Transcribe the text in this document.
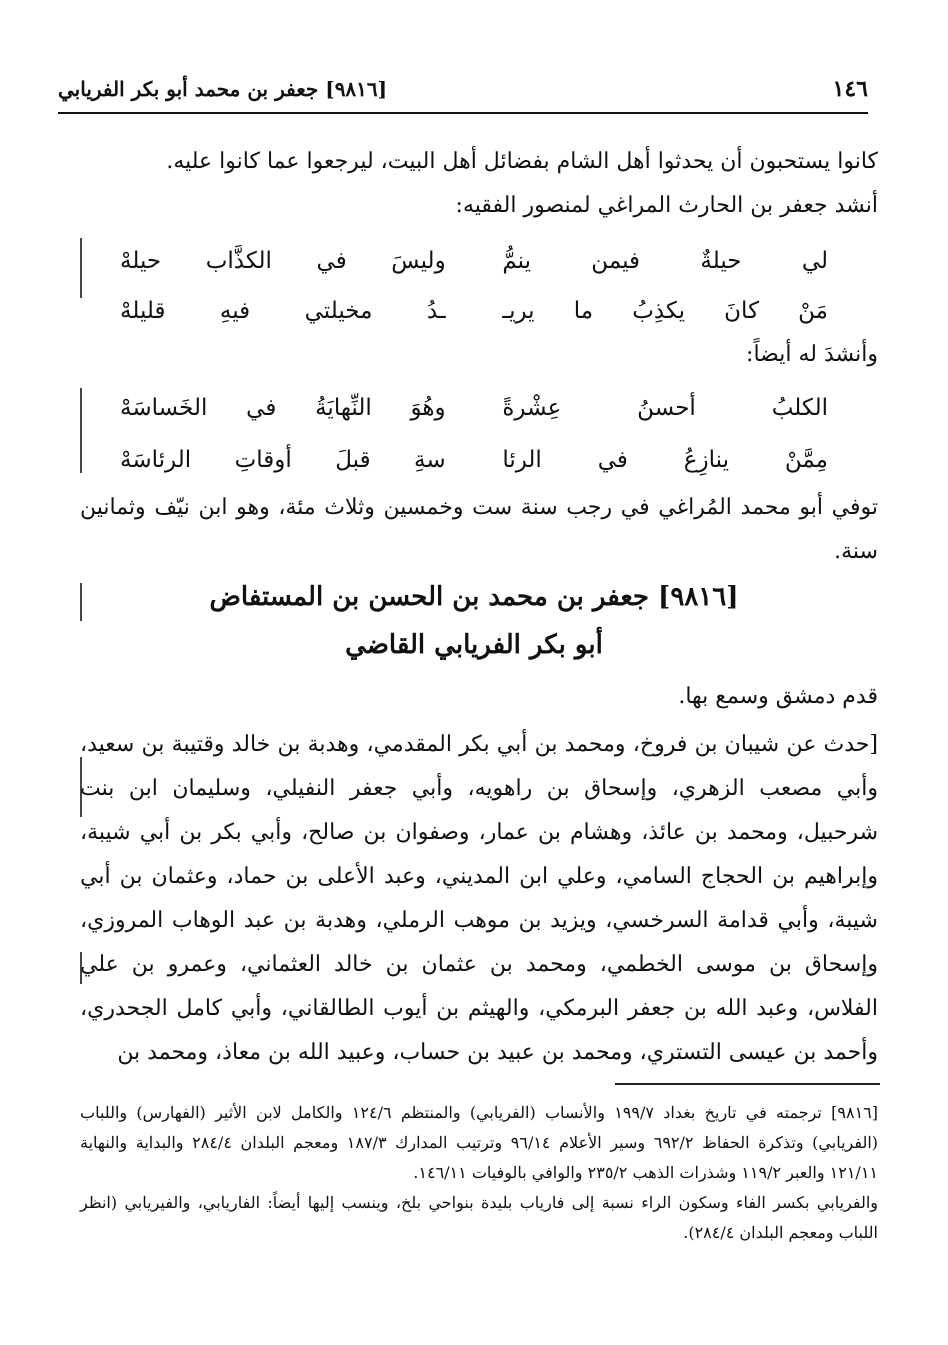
[٩٨١٦] جعفر بن محمد أبو بكر الفريابي	١٤٦

كانوا يستحبون أن يحدثوا أهل الشام بفضائل أهل البيت، ليرجعوا عما كانوا عليه.

أنشد جعفر بن الحارث المراغي لمنصور الفقيه:

لي حيلةٌ فيمن ينمُّ
وليسَ في الكذَّاب حيلهْ
مَنْ كانَ يكذِبُ ما يريـ
ـدُ مخيلتي فيهِ قليلهْ

وأنشدَ له أيضاً:

الكلبُ أحسنُ عِشْرةً
وهُوَ النِّهايَةُ في الخَساسَهْ
مِمَّنْ ينازِعُ في الرئا
سةِ قبلَ أوقاتِ الرئاسَهْ

توفي أبو محمد المُراغي في رجب سنة ست وخمسين وثلاث مئة، وهو ابن نيّف وثمانين سنة.

[٩٨١٦] جعفر بن محمد بن الحسن بن المستفاض
أبو بكر الفريابي القاضي

قدم دمشق وسمع بها.

[حدث عن شيبان بن فروخ، ومحمد بن أبي بكر المقدمي، وهدبة بن خالد وقتيبة بن سعيد، وأبي مصعب الزهري، وإسحاق بن راهويه، وأبي جعفر النفيلي، وسليمان ابن بنت شرحبيل، ومحمد بن عائذ، وهشام بن عمار، وصفوان بن صالح، وأبي بكر بن أبي شيبة، وإبراهيم بن الحجاج السامي، وعلي ابن المديني، وعبد الأعلى بن حماد، وعثمان بن أبي شيبة، وأبي قدامة السرخسي، ويزيد بن موهب الرملي، وهدبة بن عبد الوهاب المروزي، وإسحاق بن موسى الخطمي، ومحمد بن عثمان بن خالد العثماني، وعمرو بن علي الفلاس، وعبد الله بن جعفر البرمكي، والهيثم بن أيوب الطالقاني، وأبي كامل الجحدري، وأحمد بن عيسى التستري، ومحمد بن عبيد بن حساب، وعبيد الله بن معاذ، ومحمد بن

[٩٨١٦] ترجمته في تاريخ بغداد ١٩٩/٧ والأنساب (الفريابي) والمنتظم ١٢٤/٦ والكامل لابن الأثير (الفهارس) واللباب (الفريابي) وتذكرة الحفاظ ٦٩٢/٢ وسير الأعلام ٩٦/١٤ وترتيب المدارك ١٨٧/٣ ومعجم البلدان ٢٨٤/٤ والبداية والنهاية ١٢١/١١ والعبر ١١٩/٢ وشذرات الذهب ٢٣٥/٢ والوافي بالوفيات ١٤٦/١١.

والفريابي بكسر الفاء وسكون الراء نسبة إلى فارياب بليدة بنواحي بلخ، وينسب إليها أيضاً: الفاريابي، والفيريابي (انظر اللباب ومعجم البلدان ٢٨٤/٤).
